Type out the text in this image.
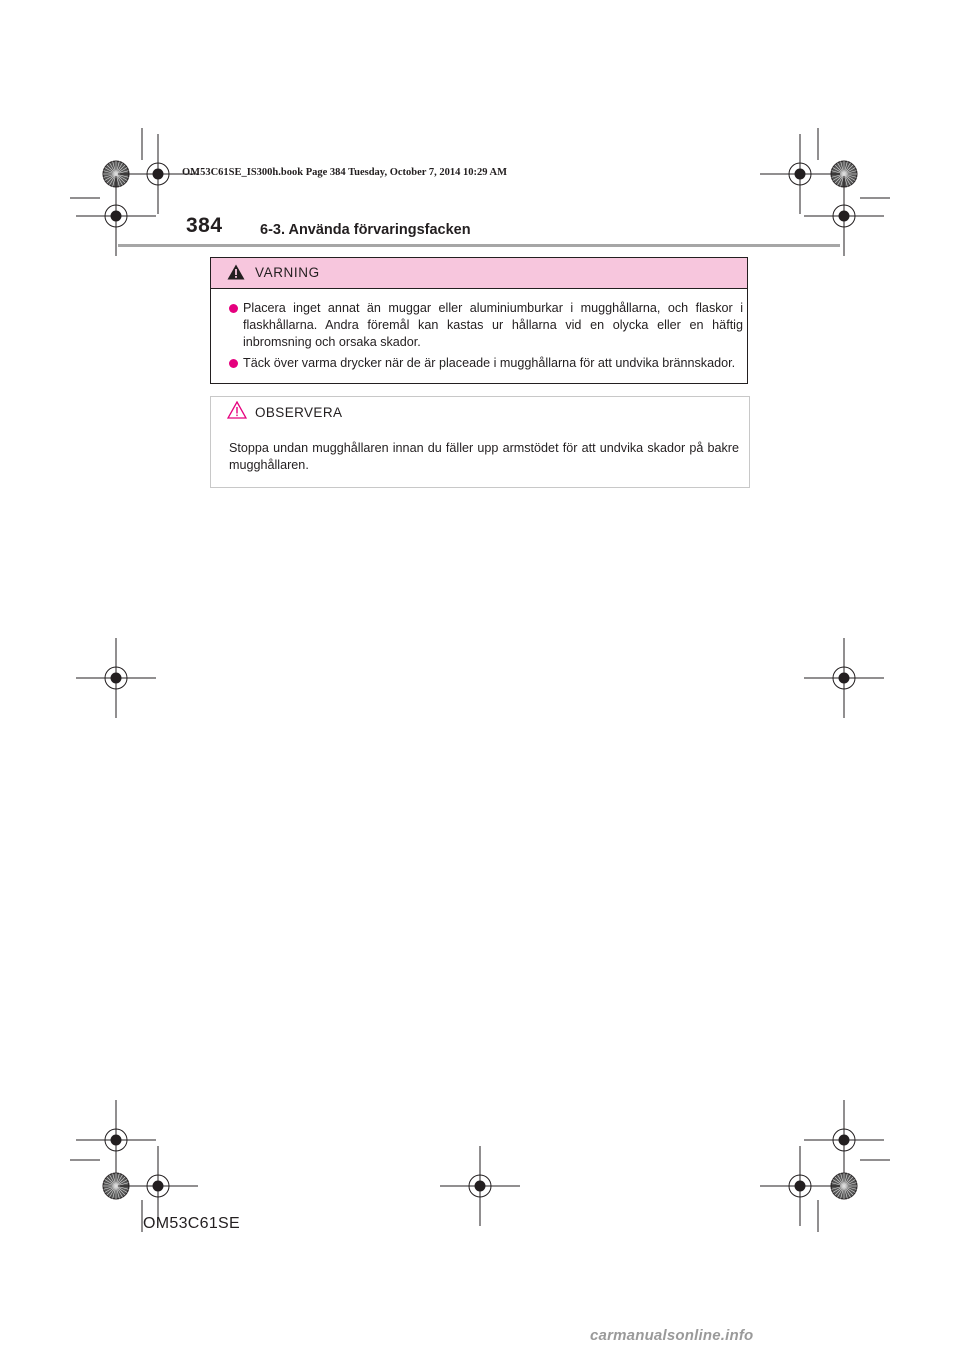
OM53C61SE_IS300h.book Page 384 Tuesday, October 7, 2014 10:29 AM
384	6-3. Använda förvaringsfacken
VARNING
Placera inget annat än muggar eller aluminiumburkar i mugghållarna, och flaskor i flaskhållarna. Andra föremål kan kastas ur hållarna vid en olycka eller en häftig inbromsning och orsaka skador.
Täck över varma drycker när de är placeade i mugghållarna för att undvika brännskador.
OBSERVERA
Stoppa undan mugghållaren innan du fäller upp armstödet för att undvika skador på bakre mugghållaren.
OM53C61SE
carmanualsonline.info
